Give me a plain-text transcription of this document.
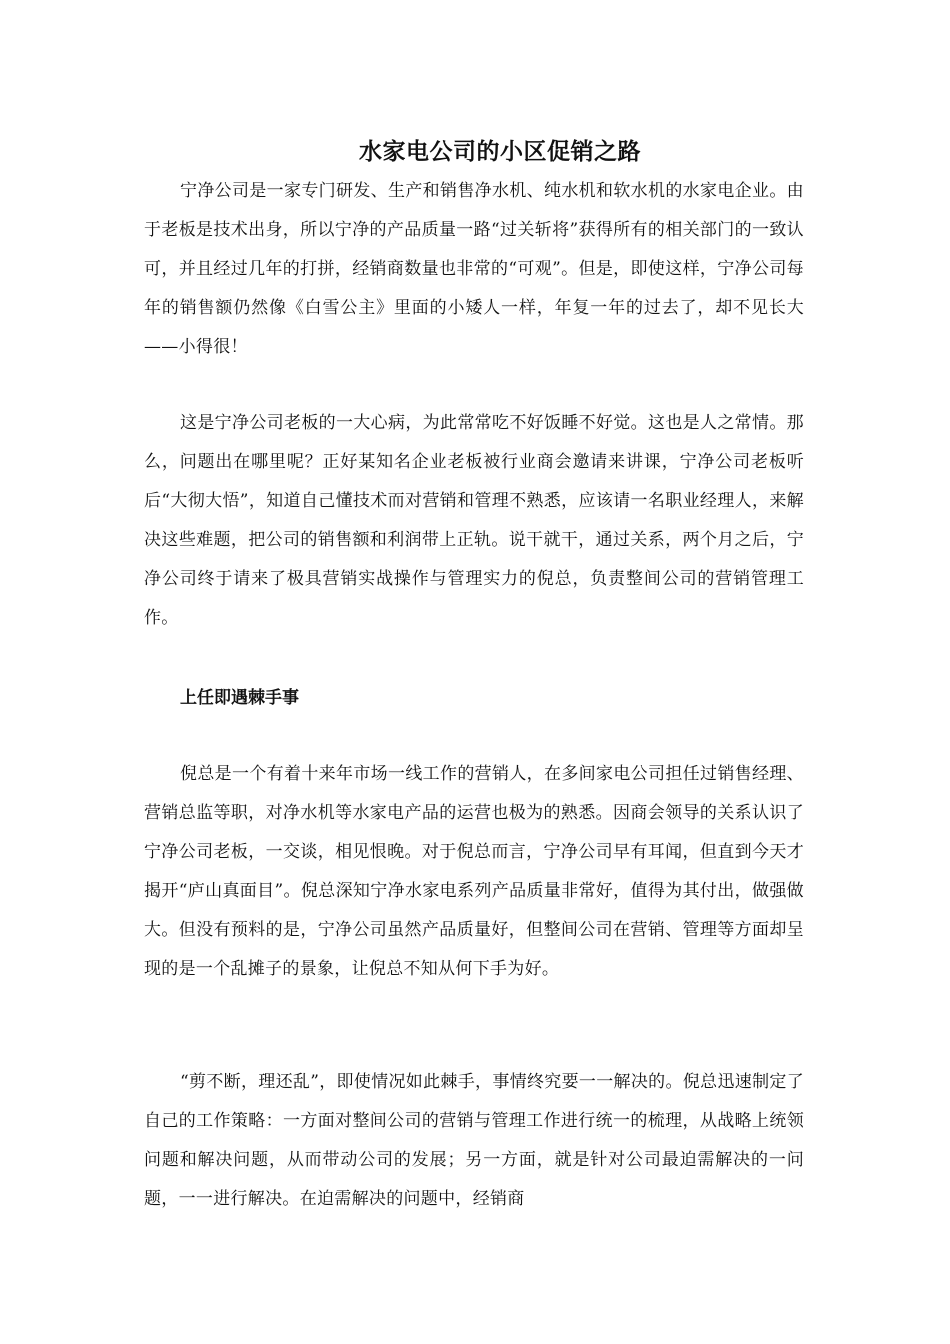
水家电公司的小区促销之路

宁净公司是一家专门研发、生产和销售净水机、纯水机和软水机的水家电企业。由于老板是技术出身，所以宁净的产品质量一路“过关斩将”获得所有的相关部门的一致认可，并且经过几年的打拼，经销商数量也非常的“可观”。但是，即使这样，宁净公司每年的销售额仍然像《白雪公主》里面的小矮人一样，年复一年的过去了，却不见长大——小得很！

这是宁净公司老板的一大心病，为此常常吃不好饭睡不好觉。这也是人之常情。那么，问题出在哪里呢？正好某知名企业老板被行业商会邀请来讲课，宁净公司老板听后“大彻大悟”，知道自己懂技术而对营销和管理不熟悉，应该请一名职业经理人，来解决这些难题，把公司的销售额和利润带上正轨。说干就干，通过关系，两个月之后，宁净公司终于请来了极具营销实战操作与管理实力的倪总，负责整间公司的营销管理工作。

上任即遇棘手事

倪总是一个有着十来年市场一线工作的营销人，在多间家电公司担任过销售经理、营销总监等职，对净水机等水家电产品的运营也极为的熟悉。因商会领导的关系认识了宁净公司老板，一交谈，相见恨晚。对于倪总而言，宁净公司早有耳闻，但直到今天才揭开“庐山真面目”。倪总深知宁净水家电系列产品质量非常好，值得为其付出，做强做大。但没有预料的是，宁净公司虽然产品质量好，但整间公司在营销、管理等方面却呈现的是一个乱摊子的景象，让倪总不知从何下手为好。

“剪不断，理还乱”，即使情况如此棘手，事情终究要一一解决的。倪总迅速制定了自己的工作策略：一方面对整间公司的营销与管理工作进行统一的梳理，从战略上统领问题和解决问题，从而带动公司的发展；另一方面，就是针对公司最迫需解决的一问题，一一进行解决。在迫需解决的问题中，经销商
